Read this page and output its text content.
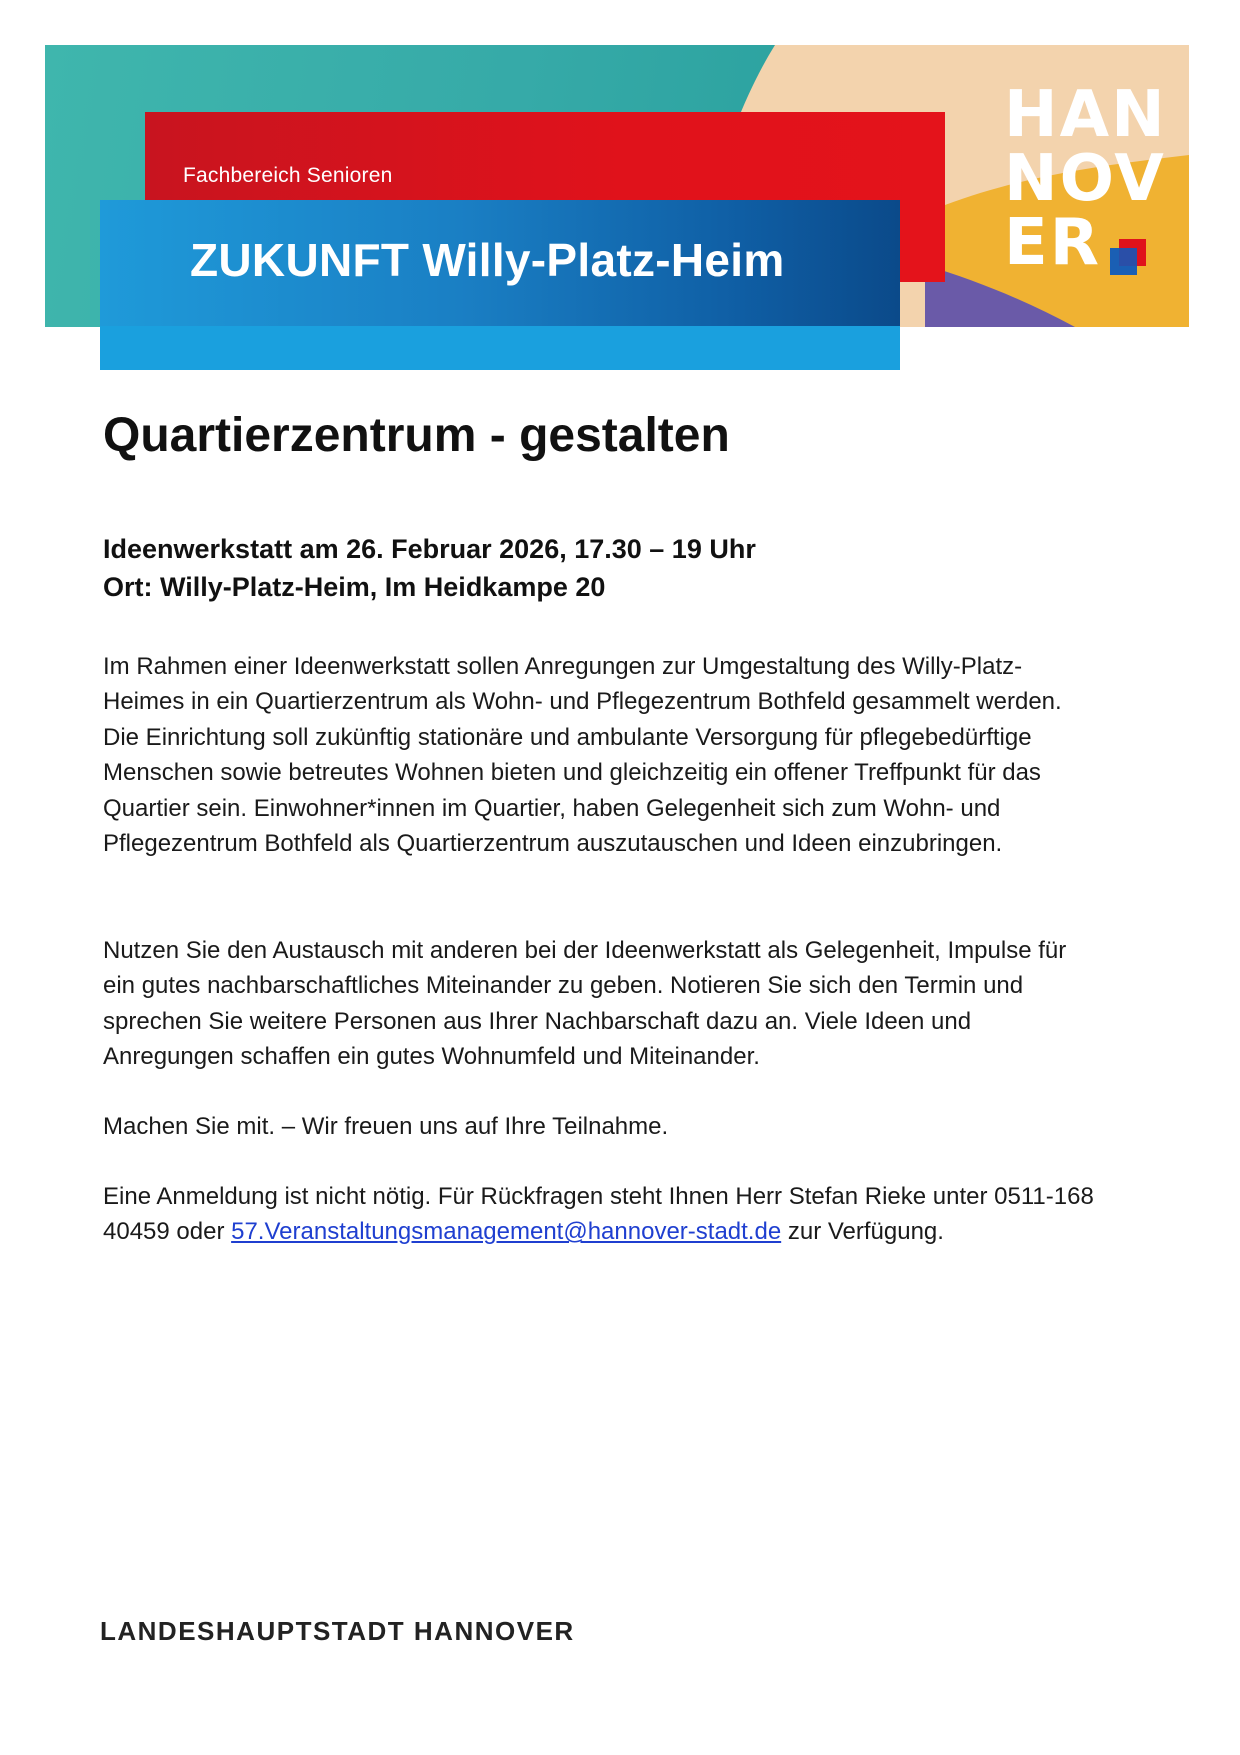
Fachbereich Senioren
ZUKUNFT Willy-Platz-Heim
HAN
NOV
ER
Quartierzentrum - gestalten
Ideenwerkstatt am 26. Februar 2026, 17.30 – 19 Uhr
Ort: Willy-Platz-Heim, Im Heidkampe 20

Im Rahmen einer Ideenwerkstatt sollen Anregungen zur Umgestaltung des Willy-Platz-Heimes in ein Quartierzentrum als Wohn- und Pflegezentrum Bothfeld gesammelt werden. Die Einrichtung soll zukünftig stationäre und ambulante Versorgung für pflegebedürftige Menschen sowie betreutes Wohnen bieten und gleichzeitig ein offener Treffpunkt für das Quartier sein. Einwohner*innen im Quartier, haben Gelegenheit sich zum Wohn- und Pflegezentrum Bothfeld als Quartierzentrum auszutauschen und Ideen einzubringen.

Nutzen Sie den Austausch mit anderen bei der Ideenwerkstatt als Gelegenheit, Impulse für ein gutes nachbarschaftliches Miteinander zu geben. Notieren Sie sich den Termin und sprechen Sie weitere Personen aus Ihrer Nachbarschaft dazu an. Viele Ideen und Anregungen schaffen ein gutes Wohnumfeld und Miteinander.

Machen Sie mit. – Wir freuen uns auf Ihre Teilnahme.

Eine Anmeldung ist nicht nötig. Für Rückfragen steht Ihnen Herr Stefan Rieke unter 0511-168 40459 oder 57.Veranstaltungsmanagement@hannover-stadt.de zur Verfügung.

LANDESHAUPTSTADT HANNOVER
